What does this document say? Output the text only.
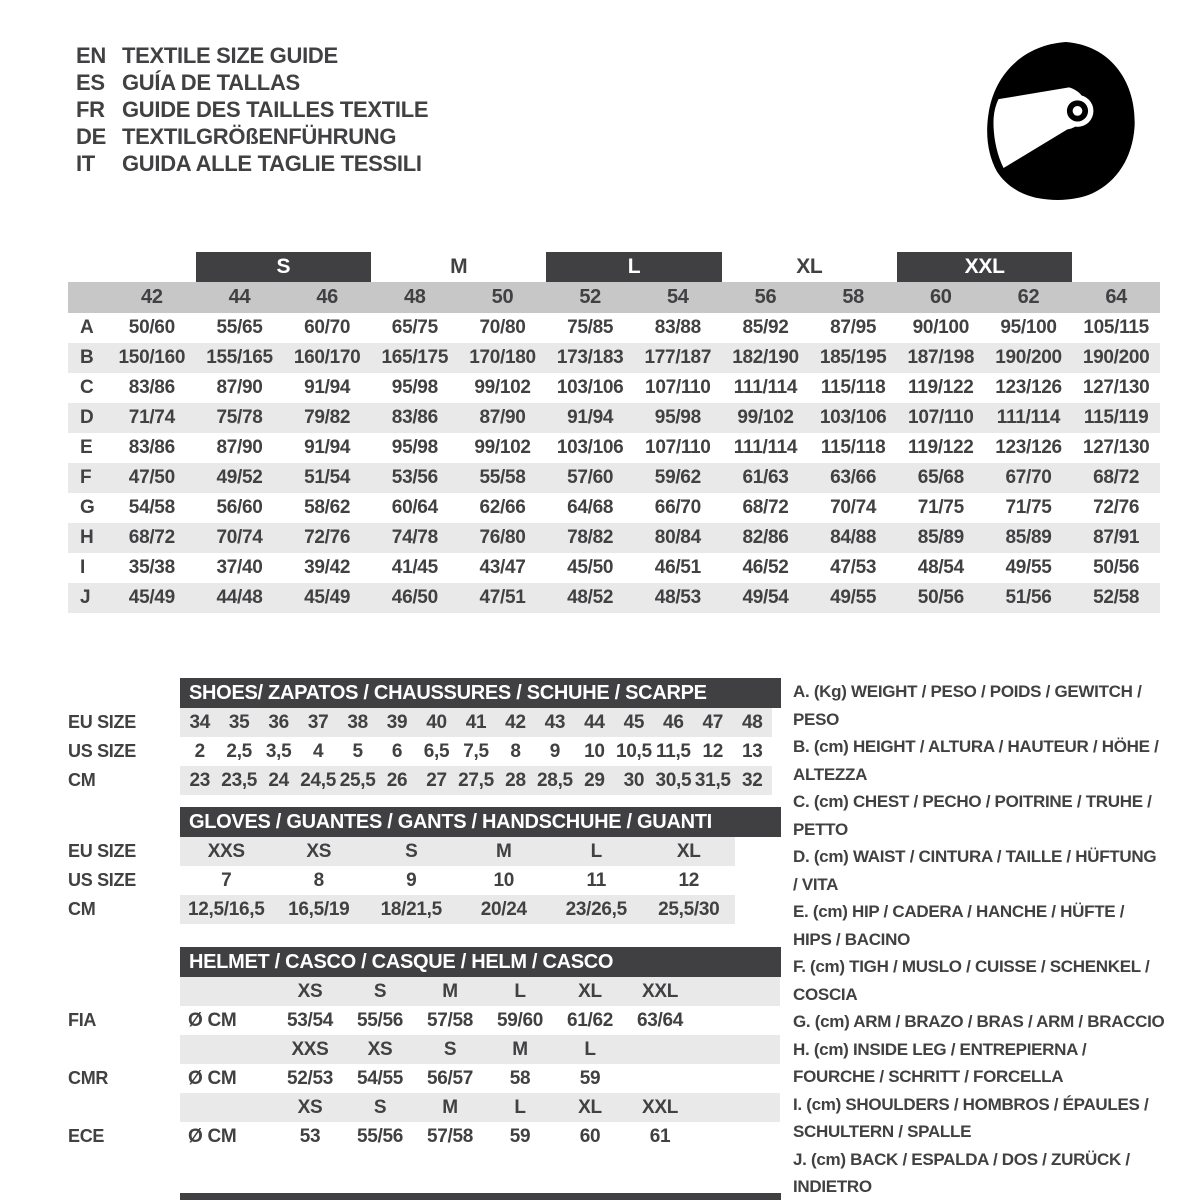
EN TEXTILE SIZE GUIDE
ES GUÍA DE TALLAS
FR GUIDE DES TAILLES TEXTILE
DE TEXTILGRÖßENFÜHRUNG
IT	GUIDA ALLE TAGLIE TESSILI
S	M	L	XL	XXL
42	44	46	48	50	52	54	56	58	60	62	64
A	50/60	55/65	60/70	65/75	70/80	75/85	83/88	85/92	87/95	90/100	95/100	105/115
B	150/160	155/165	160/170	165/175	170/180	173/183	177/187	182/190	185/195	187/198	190/200	190/200
C	83/86	87/90	91/94	95/98	99/102	103/106	107/110	111/114	115/118	119/122	123/126	127/130
D	71/74	75/78	79/82	83/86	87/90	91/94	95/98	99/102	103/106	107/110	111/114	115/119
E	83/86	87/90	91/94	95/98	99/102	103/106	107/110	111/114	115/118	119/122	123/126	127/130
F	47/50	49/52	51/54	53/56	55/58	57/60	59/62	61/63	63/66	65/68	67/70	68/72
G	54/58	56/60	58/62	60/64	62/66	64/68	66/70	68/72	70/74	71/75	71/75	72/76
H	68/72	70/74	72/76	74/78	76/80	78/82	80/84	82/86	84/88	85/89	85/89	87/91
I	35/38	37/40	39/42	41/45	43/47	45/50	46/51	46/52	47/53	48/54	49/55	50/56
J	45/49	44/48	45/49	46/50	47/51	48/52	48/53	49/54	49/55	50/56	51/56	52/58
SHOES/ ZAPATOS / CHAUSSURES / SCHUHE / SCARPE
EU SIZE	34 35 36 37 38 39 40 41 42 43 44 45 46 47 48
US SIZE	2	2,5 3,5	4	5	6	6,5 7,5	8	9	10 10,5 11,5 12 13
CM	23 23,5 24 24,5 25,5 26 27 27,5 28 28,5 29 30 30,5 31,5 32
GLOVES / GUANTES / GANTS / HANDSCHUHE / GUANTI
EU SIZE	XXS	XS	S	M	L	XL
US SIZE	7	8	9	10	11	12
CM	12,5/16,5	16,5/19	18/21,5	20/24	23/26,5	25,5/30
HELMET / CASCO / CASQUE / HELM / CASCO
XS	S	M	L	XL	XXL
FIA	Ø CM	53/54	55/56	57/58	59/60	61/62	63/64
XXS	XS	S	M	L
CMR	Ø CM	52/53	54/55	56/57	58	59
XS	S	M	L	XL	XXL
ECE	Ø CM	53	55/56	57/58	59	60	61
A. (Kg) WEIGHT / PESO / POIDS / GEWITCH / PESO
B. (cm) HEIGHT / ALTURA / HAUTEUR / HÖHE / ALTEZZA
C. (cm) CHEST / PECHO / POITRINE / TRUHE / PETTO
D. (cm) WAIST / CINTURA / TAILLE / HÜFTUNG / VITA
E. (cm) HIP / CADERA / HANCHE / HÜFTE / HIPS / BACINO
F. (cm) TIGH / MUSLO / CUISSE / SCHENKEL / COSCIA
G. (cm) ARM / BRAZO / BRAS / ARM / BRACCIO
H. (cm) INSIDE LEG / ENTREPIERNA / FOURCHE / SCHRITT / FORCELLA
I. (cm) SHOULDERS / HOMBROS / ÉPAULES / SCHULTERN / SPALLE
J. (cm) BACK / ESPALDA / DOS / ZURÜCK / INDIETRO
